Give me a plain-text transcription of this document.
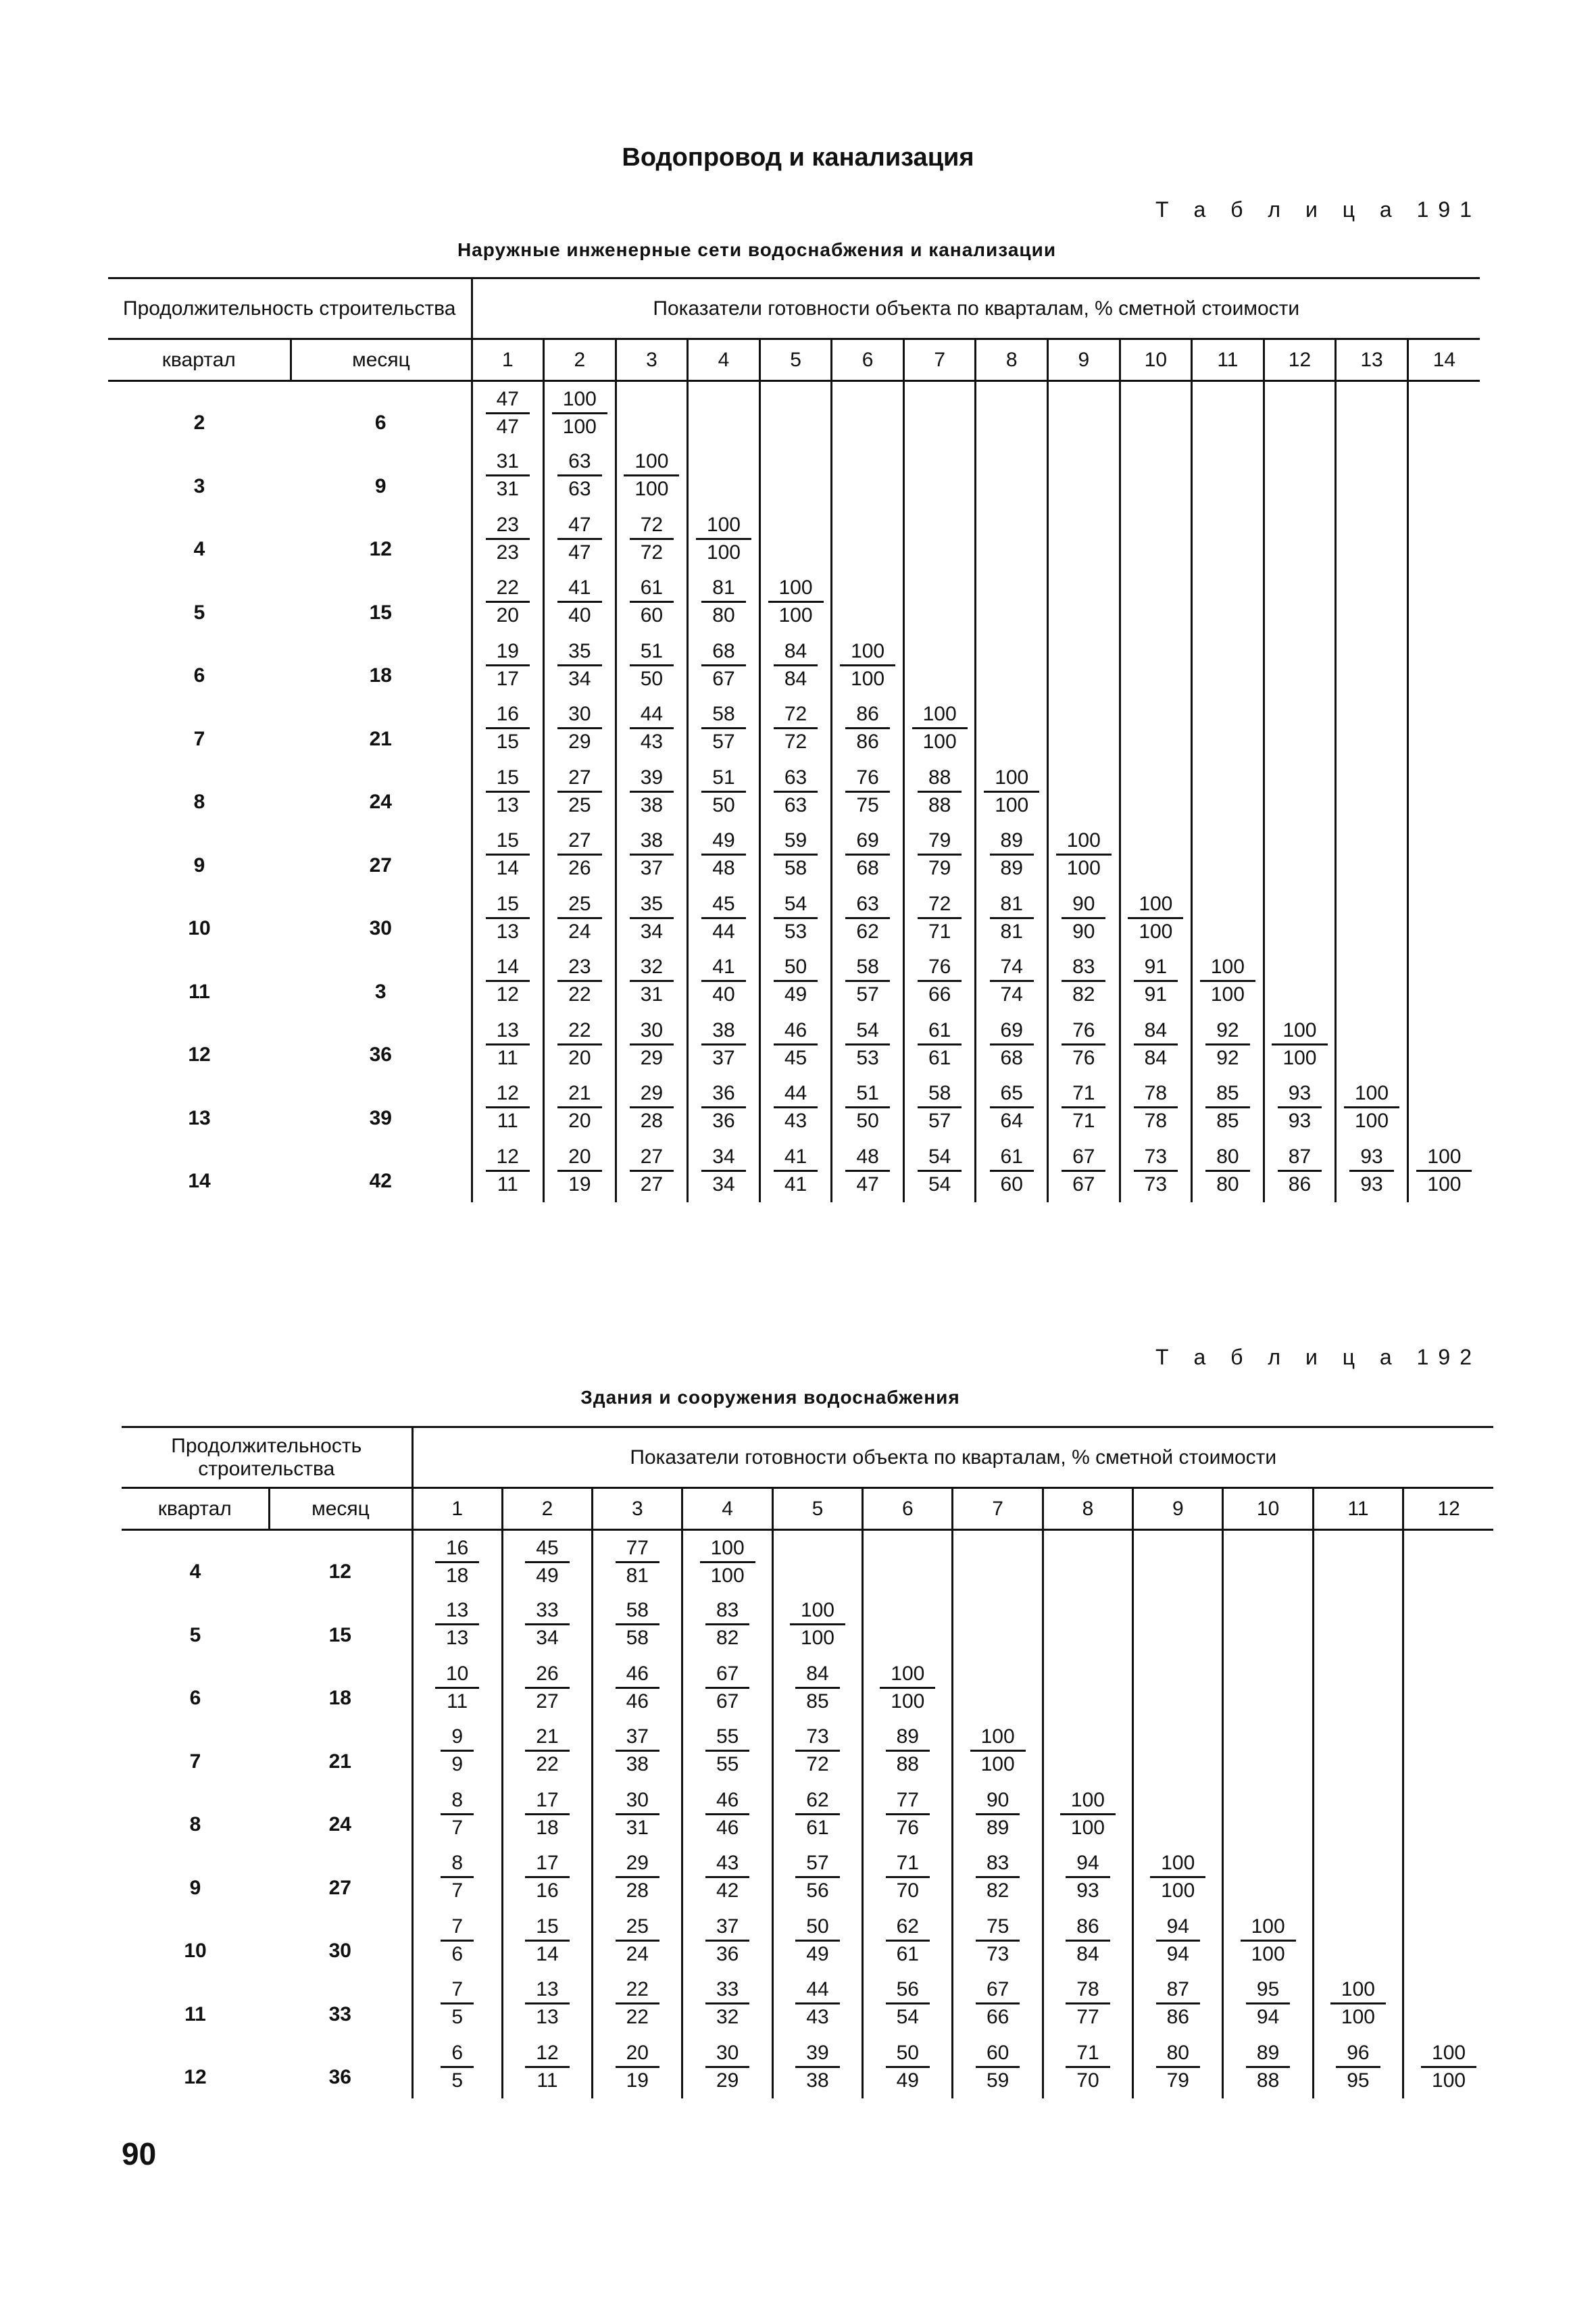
Водопровод и канализация
Т а б л и ц а 191
Наружные инженерные сети водоснабжения и канализации
Продолжительность строительства		Показатели готовности объекта по кварталам, % сметной стоимости													
квартал	месяц	1	2	3	4	5	6	7	8	9	10	11	12	13	14
2	6	$\frac{47}{47}$	$\frac{100}{100}$

3	9	$\frac{31}{31}$	$\frac{63}{63}$	$\frac{100}{100}$

4	12	$\frac{23}{23}$	$\frac{47}{47}$	$\frac{72}{72}$	$\frac{100}{100}$

5	15	$\frac{22}{20}$	$\frac{41}{40}$	$\frac{61}{60}$	$\frac{81}{80}$	$\frac{100}{100}$

6	18	$\frac{19}{17}$	$\frac{35}{34}$	$\frac{51}{50}$	$\frac{68}{67}$	$\frac{84}{84}$	$\frac{100}{100}$

7	21	$\frac{16}{15}$	$\frac{30}{29}$	$\frac{44}{43}$	$\frac{58}{57}$	$\frac{72}{72}$	$\frac{86}{86}$	$\frac{100}{100}$

8	24	$\frac{15}{13}$	$\frac{27}{25}$	$\frac{39}{38}$	$\frac{51}{50}$	$\frac{63}{63}$	$\frac{76}{75}$	$\frac{88}{88}$	$\frac{100}{100}$

9	27	$\frac{15}{14}$	$\frac{27}{26}$	$\frac{38}{37}$	$\frac{49}{48}$	$\frac{59}{58}$	$\frac{69}{68}$	$\frac{79}{79}$	$\frac{89}{89}$	$\frac{100}{100}$

10	30	$\frac{15}{13}$	$\frac{25}{24}$	$\frac{35}{34}$	$\frac{45}{44}$	$\frac{54}{53}$	$\frac{63}{62}$	$\frac{72}{71}$	$\frac{81}{81}$	$\frac{90}{90}$	$\frac{100}{100}$

11	3	$\frac{14}{12}$	$\frac{23}{22}$	$\frac{32}{31}$	$\frac{41}{40}$	$\frac{50}{49}$	$\frac{58}{57}$	$\frac{76}{66}$	$\frac{74}{74}$	$\frac{83}{82}$	$\frac{91}{91}$	$\frac{100}{100}$

12	36	$\frac{13}{11}$	$\frac{22}{20}$	$\frac{30}{29}$	$\frac{38}{37}$	$\frac{46}{45}$	$\frac{54}{53}$	$\frac{61}{61}$	$\frac{69}{68}$	$\frac{76}{76}$	$\frac{84}{84}$	$\frac{92}{92}$	$\frac{100}{100}$

13	39	$\frac{12}{11}$	$\frac{21}{20}$	$\frac{29}{28}$	$\frac{36}{36}$	$\frac{44}{43}$	$\frac{51}{50}$	$\frac{58}{57}$	$\frac{65}{64}$	$\frac{71}{71}$	$\frac{78}{78}$	$\frac{85}{85}$	$\frac{93}{93}$	$\frac{100}{100}$

14	42	$\frac{12}{11}$	$\frac{20}{19}$	$\frac{27}{27}$	$\frac{34}{34}$	$\frac{41}{41}$	$\frac{48}{47}$	$\frac{54}{54}$	$\frac{61}{60}$	$\frac{67}{67}$	$\frac{73}{73}$	$\frac{80}{80}$	$\frac{87}{86}$	$\frac{93}{93}$	$\frac{100}{100}$
Т а б л и ц а 192
Здания и сооружения водоснабжения
Продолжительность строительства		Показатели готовности объекта по кварталам, % сметной стоимости											
квартал	месяц	1	2	3	4	5	6	7	8	9	10	11	12
4	12	$\frac{16}{18}$	$\frac{45}{49}$	$\frac{77}{81}$	$\frac{100}{100}$

5	15	$\frac{13}{13}$	$\frac{33}{34}$	$\frac{58}{58}$	$\frac{83}{82}$	$\frac{100}{100}$

6	18	$\frac{10}{11}$	$\frac{26}{27}$	$\frac{46}{46}$	$\frac{67}{67}$	$\frac{84}{85}$	$\frac{100}{100}$

7	21	$\frac{9}{9}$	$\frac{21}{22}$	$\frac{37}{38}$	$\frac{55}{55}$	$\frac{73}{72}$	$\frac{89}{88}$	$\frac{100}{100}$

8	24	$\frac{8}{7}$	$\frac{17}{18}$	$\frac{30}{31}$	$\frac{46}{46}$	$\frac{62}{61}$	$\frac{77}{76}$	$\frac{90}{89}$	$\frac{100}{100}$

9	27	$\frac{8}{7}$	$\frac{17}{16}$	$\frac{29}{28}$	$\frac{43}{42}$	$\frac{57}{56}$	$\frac{71}{70}$	$\frac{83}{82}$	$\frac{94}{93}$	$\frac{100}{100}$

10	30	$\frac{7}{6}$	$\frac{15}{14}$	$\frac{25}{24}$	$\frac{37}{36}$	$\frac{50}{49}$	$\frac{62}{61}$	$\frac{75}{73}$	$\frac{86}{84}$	$\frac{94}{94}$	$\frac{100}{100}$

11	33	$\frac{7}{5}$	$\frac{13}{13}$	$\frac{22}{22}$	$\frac{33}{32}$	$\frac{44}{43}$	$\frac{56}{54}$	$\frac{67}{66}$	$\frac{78}{77}$	$\frac{87}{86}$	$\frac{95}{94}$	$\frac{100}{100}$

12	36	$\frac{6}{5}$	$\frac{12}{11}$	$\frac{20}{19}$	$\frac{30}{29}$	$\frac{39}{38}$	$\frac{50}{49}$	$\frac{60}{59}$	$\frac{71}{70}$	$\frac{80}{79}$	$\frac{89}{88}$	$\frac{96}{95}$	$\frac{100}{100}$
90
